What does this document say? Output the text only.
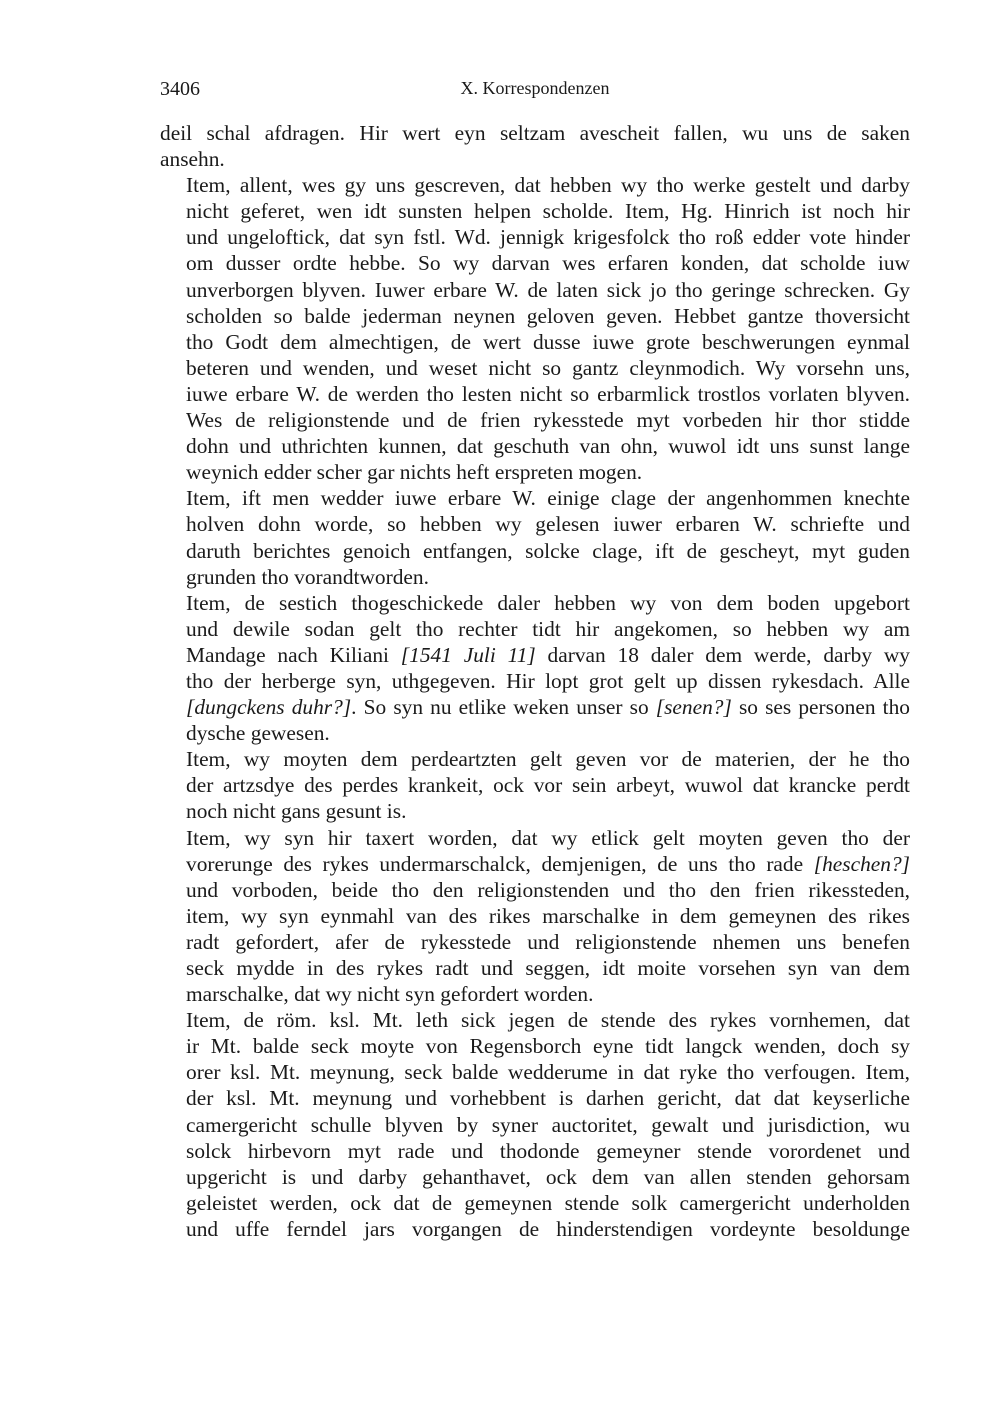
3406	X. Korrespondenzen

deil schal afdragen. Hir wert eyn seltzam avescheit fallen, wu uns de saken
ansehn.

Item, allent, wes gy uns gescreven, dat hebben wy tho werke gestelt und darby
nicht geferet, wen idt sunsten helpen scholde. Item, Hg. Hinrich ist noch hir
und ungeloftick, dat syn fstl. Wd. jennigk krigesfolck tho roß edder vote hinder
om dusser ordte hebbe. So wy darvan wes erfaren konden, dat scholde iuw
unverborgen blyven. Iuwer erbare W. de laten sick jo tho geringe schrecken. Gy
scholden so balde jederman neynen geloven geven. Hebbet gantze thoversicht
tho Godt dem almechtigen, de wert dusse iuwe grote beschwerungen eynmal
beteren und wenden, und weset nicht so gantz cleynmodich. Wy vorsehn uns,
iuwe erbare W. de werden tho lesten nicht so erbarmlick trostlos vorlaten blyven.
Wes de religionstende und de frien rykesstede myt vorbeden hir thor stidde
dohn und uthrichten kunnen, dat geschuth van ohn, wuwol idt uns sunst lange
weynich edder scher gar nichts heft erspreten mogen.

Item, ift men wedder iuwe erbare W. einige clage der angenhommen knechte
holven dohn worde, so hebben wy gelesen iuwer erbaren W. schriefte und
daruth berichtes genoich entfangen, solcke clage, ift de gescheyt, myt guden
grunden tho vorandtworden.

Item, de sestich thogeschickede daler hebben wy von dem boden upgebort
und dewile sodan gelt tho rechter tidt hir angekomen, so hebben wy am
Mandage nach Kiliani [1541 Juli 11] darvan 18 daler dem werde, darby wy
tho der herberge syn, uthgegeven. Hir lopt grot gelt up dissen rykesdach. Alle
[dungckens duhr?]. So syn nu etlike weken unser so [senen?] so ses personen tho
dysche gewesen.

Item, wy moyten dem perdeartzten gelt geven vor de materien, der he tho
der artzsdye des perdes krankeit, ock vor sein arbeyt, wuwol dat krancke perdt
noch nicht gans gesunt is.

Item, wy syn hir taxert worden, dat wy etlick gelt moyten geven tho der
vorerunge des rykes undermarschalck, demjenigen, de uns tho rade [heschen?]
und vorboden, beide tho den religionstenden und tho den frien rikessteden,
item, wy syn eynmahl van des rikes marschalke in dem gemeynen des rikes
radt gefordert, afer de rykesstede und religionstende nhemen uns benefen
seck mydde in des rykes radt und seggen, idt moite vorsehen syn van dem
marschalke, dat wy nicht syn gefordert worden.

Item, de röm. ksl. Mt. leth sick jegen de stende des rykes vornhemen, dat
ir Mt. balde seck moyte von Regensborch eyne tidt langck wenden, doch sy
orer ksl. Mt. meynung, seck balde wedderume in dat ryke tho verfougen. Item,
der ksl. Mt. meynung und vorhebbent is darhen gericht, dat dat keyserliche
camergericht schulle blyven by syner auctoritet, gewalt und jurisdiction, wu
solck hirbevorn myt rade und thodonde gemeyner stende vorordenet und
upgericht is und darby gehanthavet, ock dem van allen stenden gehorsam
geleistet werden, ock dat de gemeynen stende solk camergericht underholden
und uffe ferndel jars vorgangen de hinderstendigen vordeynte besoldunge
